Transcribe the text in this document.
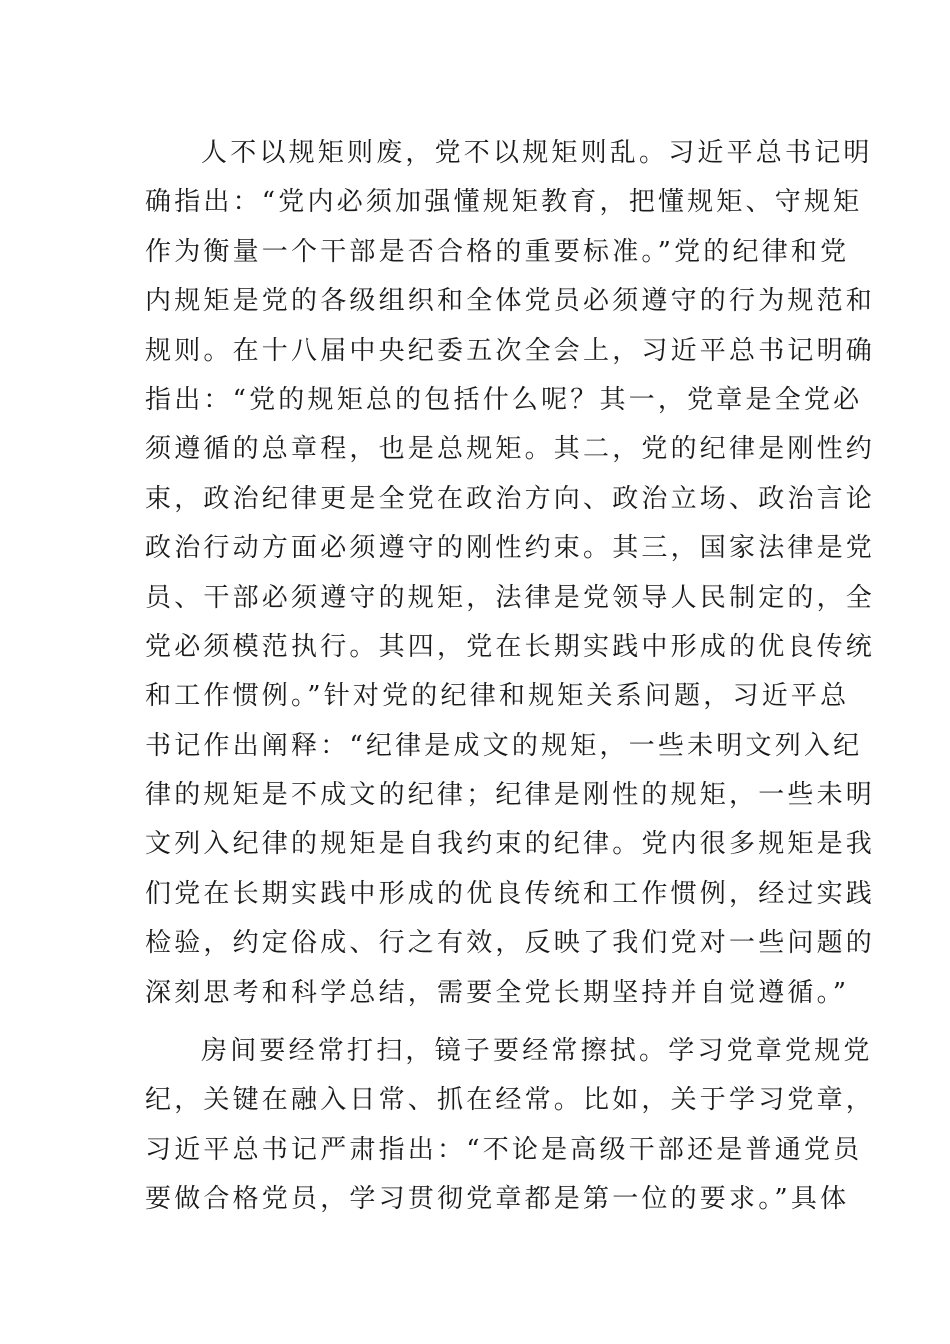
人不以规矩则废，党不以规矩则乱。习近平总书记明
确指出：“党内必须加强懂规矩教育，把懂规矩、守规矩
作为衡量一个干部是否合格的重要标准。”党的纪律和党
内规矩是党的各级组织和全体党员必须遵守的行为规范和
规则。在十八届中央纪委五次全会上，习近平总书记明确
指出：“党的规矩总的包括什么呢？其一，党章是全党必
须遵循的总章程，也是总规矩。其二，党的纪律是刚性约
束，政治纪律更是全党在政治方向、政治立场、政治言论
政治行动方面必须遵守的刚性约束。其三，国家法律是党
员、干部必须遵守的规矩，法律是党领导人民制定的，全
党必须模范执行。其四，党在长期实践中形成的优良传统
和工作惯例。”针对党的纪律和规矩关系问题，习近平总
书记作出阐释：“纪律是成文的规矩，一些未明文列入纪
律的规矩是不成文的纪律；纪律是刚性的规矩，一些未明
文列入纪律的规矩是自我约束的纪律。党内很多规矩是我
们党在长期实践中形成的优良传统和工作惯例，经过实践
检验，约定俗成、行之有效，反映了我们党对一些问题的
深刻思考和科学总结，需要全党长期坚持并自觉遵循。”
房间要经常打扫，镜子要经常擦拭。学习党章党规党
纪，关键在融入日常、抓在经常。比如，关于学习党章，
习近平总书记严肃指出：“不论是高级干部还是普通党员
要做合格党员，学习贯彻党章都是第一位的要求。”具体
